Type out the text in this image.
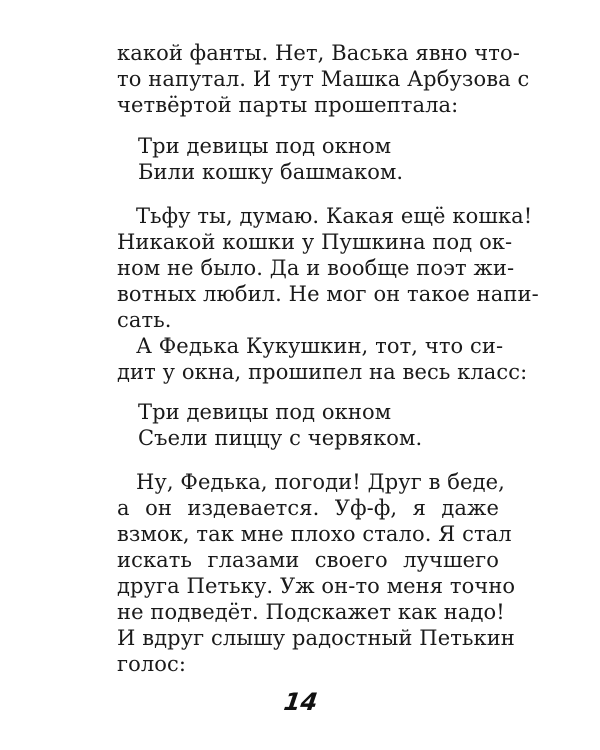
какой фанты. Нет, Васька явно что-
то напутал. И тут Машка Арбузова с
четвёртой парты прошептала:
Три девицы под окном
Били кошку башмаком.
Тьфу ты, думаю. Какая ещё кошка!
Никакой кошки у Пушкина под ок-
ном не было. Да и вообще поэт жи-
вотных любил. Не мог он такое напи-
сать.
А Федька Кукушкин, тот, что си-
дит у окна, прошипел на весь класс:
Три девицы под окном
Съели пиццу с червяком.
Ну, Федька, погоди! Друг в беде,
а он издевается. Уф-ф, я даже
взмок, так мне плохо стало. Я стал
искать глазами своего лучшего
друга Петьку. Уж он-то меня точно
не подведёт. Подскажет как надо!
И вдруг слышу радостный Петькин
голос:
14
